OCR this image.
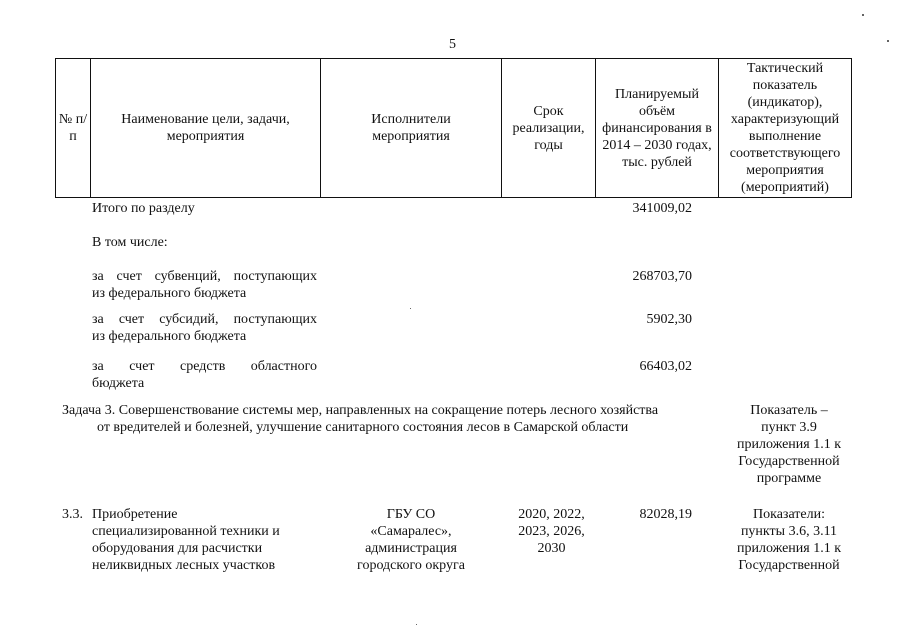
5
№ п/п
Наименование цели, задачи, мероприятия
Исполнители мероприятия
Срок реализации, годы
Планируемый объём финансирования в 2014 – 2030 годах, тыс. рублей
Тактический показатель (индикатор), характеризующий выполнение соответствующего мероприятия (мероприятий)
Итого по разделу	341009,02
В том числе:
за счет субвенций, поступающих
из федерального бюджета
268703,70
за счет субсидий, поступающих
из федерального бюджета
5902,30
за счет средств областного
бюджета
66403,02
Задача 3. Совершенствование системы мер, направленных на сокращение потерь лесного хозяйства
от вредителей и болезней, улучшение санитарного состояния лесов в Самарской области
Показатель –
пункт 3.9
приложения 1.1 к
Государственной
программе
3.3. Приобретение
специализированной техники и
оборудования для расчистки
неликвидных лесных участков
ГБУ СО
«Самаралес»,
администрация
городского округа
2020, 2022,
2023, 2026,
2030
82028,19	Показатели:
пункты 3.6, 3.11
приложения 1.1 к
Государственной
